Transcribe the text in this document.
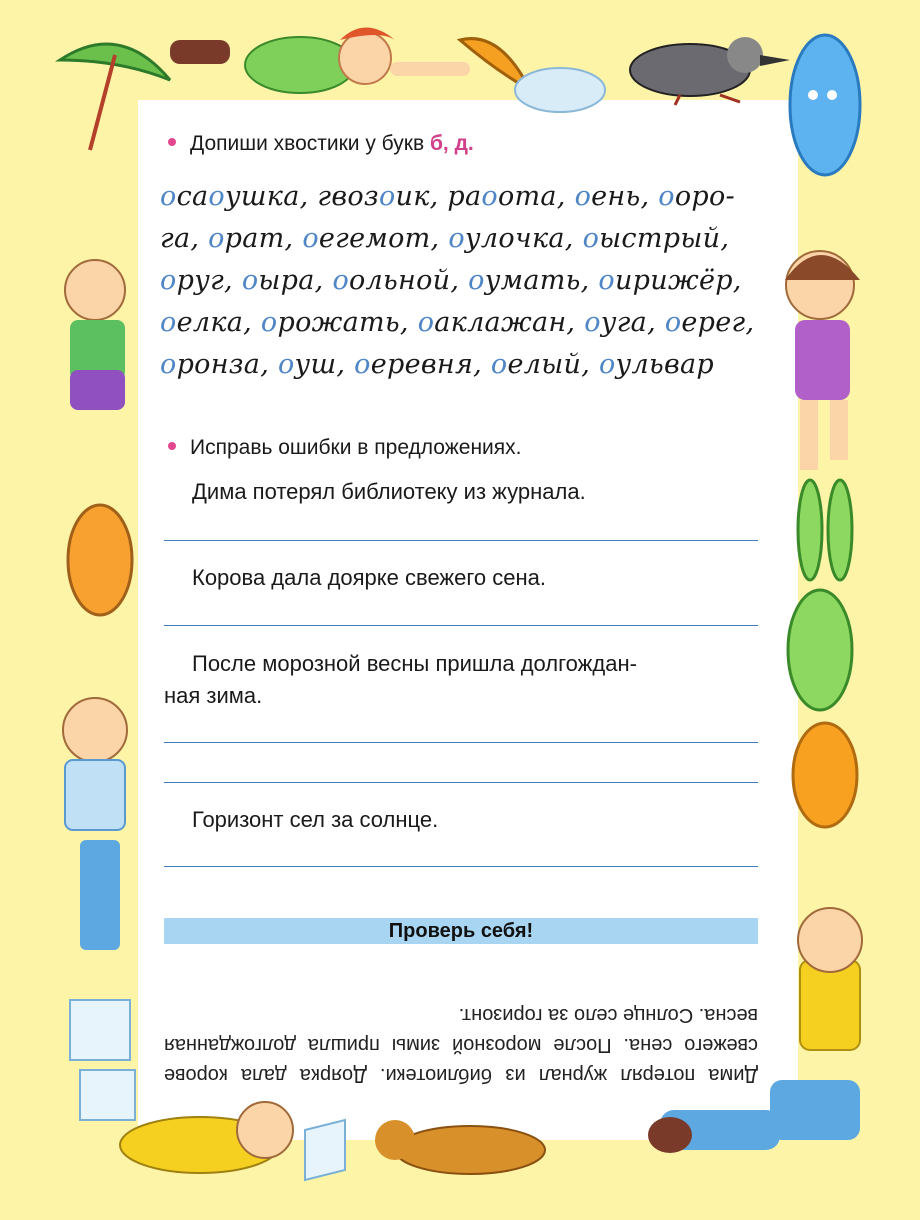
Допиши хвостики у букв б, д.
осаоушка, гвозоик, раоота, оень, ооро-
га, орат, оегемот, оулочка, оыстрый,
оруг, оыра, оольной, оумать, оирижёр,
оелка, орожать, оаклажан, оуга, оерег,
оронза, оуш, оеревня, оелый, оульвар
Исправь ошибки в предложениях.
Дима потерял библиотеку из журнала.
Корова дала доярке свежего сена.
После морозной весны пришла долгождан-
ная зима.
Горизонт сел за солнце.
Проверь себя!
Дима потерял журнал из библиотеки. Доярка дала корове свежего сена. После морозной зимы пришла долгожданная весна. Солнце село за горизонт.
